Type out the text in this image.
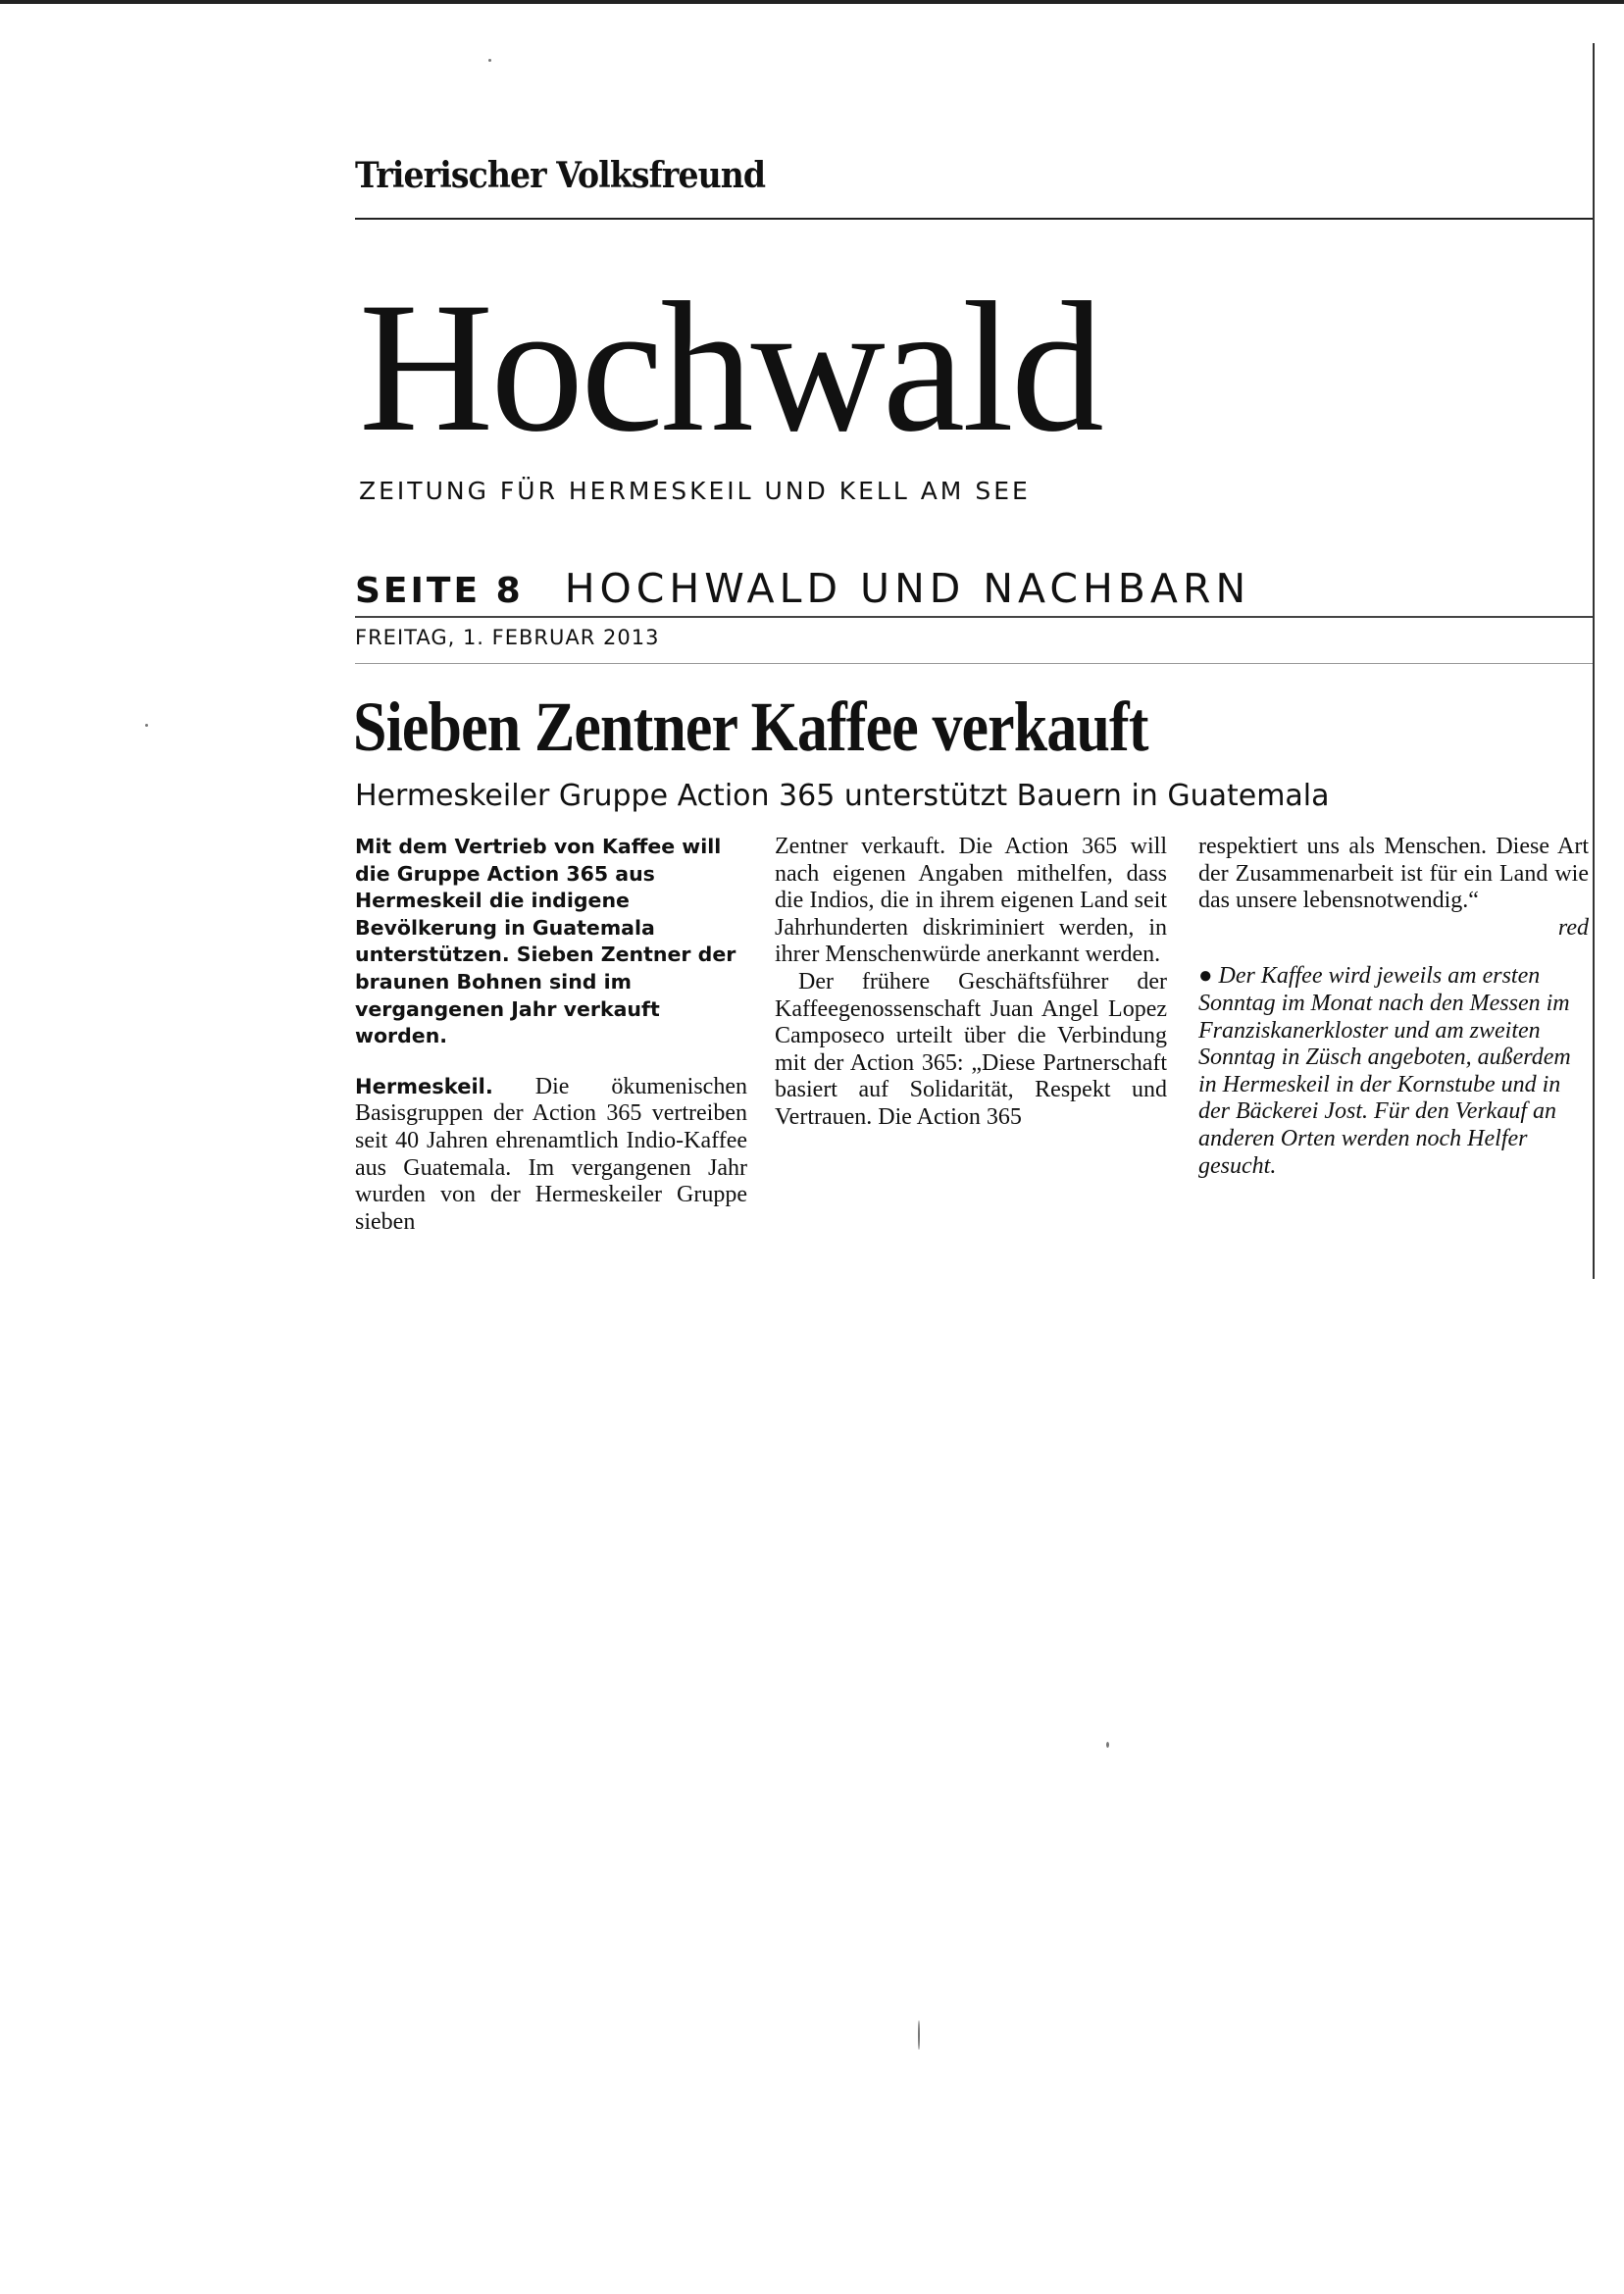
Trierischer Volksfreund
Hochwald
ZEITUNG FÜR HERMESKEIL UND KELL AM SEE
SEITE 8 HOCHWALD UND NACHBARN
FREITAG, 1. FEBRUAR 2013
Sieben Zentner Kaffee verkauft
Hermeskeiler Gruppe Action 365 unterstützt Bauern in Guatemala

Mit dem Vertrieb von Kaffee will die Gruppe Action 365 aus Hermeskeil die indigene Bevölkerung in Guatemala unterstützen. Sieben Zentner der braunen Bohnen sind im vergangenen Jahr verkauft worden.

Hermeskeil. Die ökumenischen Basisgruppen der Action 365 vertreiben seit 40 Jahren ehrenamtlich Indio-Kaffee aus Guatemala. Im vergangenen Jahr wurden von der Hermeskeiler Gruppe sieben

Zentner verkauft. Die Action 365 will nach eigenen Angaben mithelfen, dass die Indios, die in ihrem eigenen Land seit Jahrhunderten diskriminiert werden, in ihrer Menschenwürde anerkannt werden.

Der frühere Geschäftsführer der Kaffeegenossenschaft Juan Angel Lopez Camposeco urteilt über die Verbindung mit der Action 365: „Diese Partnerschaft basiert auf Solidarität, Respekt und Vertrauen. Die Action 365

respektiert uns als Menschen. Diese Art der Zusammenarbeit ist für ein Land wie das unsere lebensnotwendig.“

red

● Der Kaffee wird jeweils am ersten Sonntag im Monat nach den Messen im Franziskanerkloster und am zweiten Sonntag in Züsch angeboten, außerdem in Hermeskeil in der Kornstube und in der Bäckerei Jost. Für den Verkauf an anderen Orten werden noch Helfer gesucht.
